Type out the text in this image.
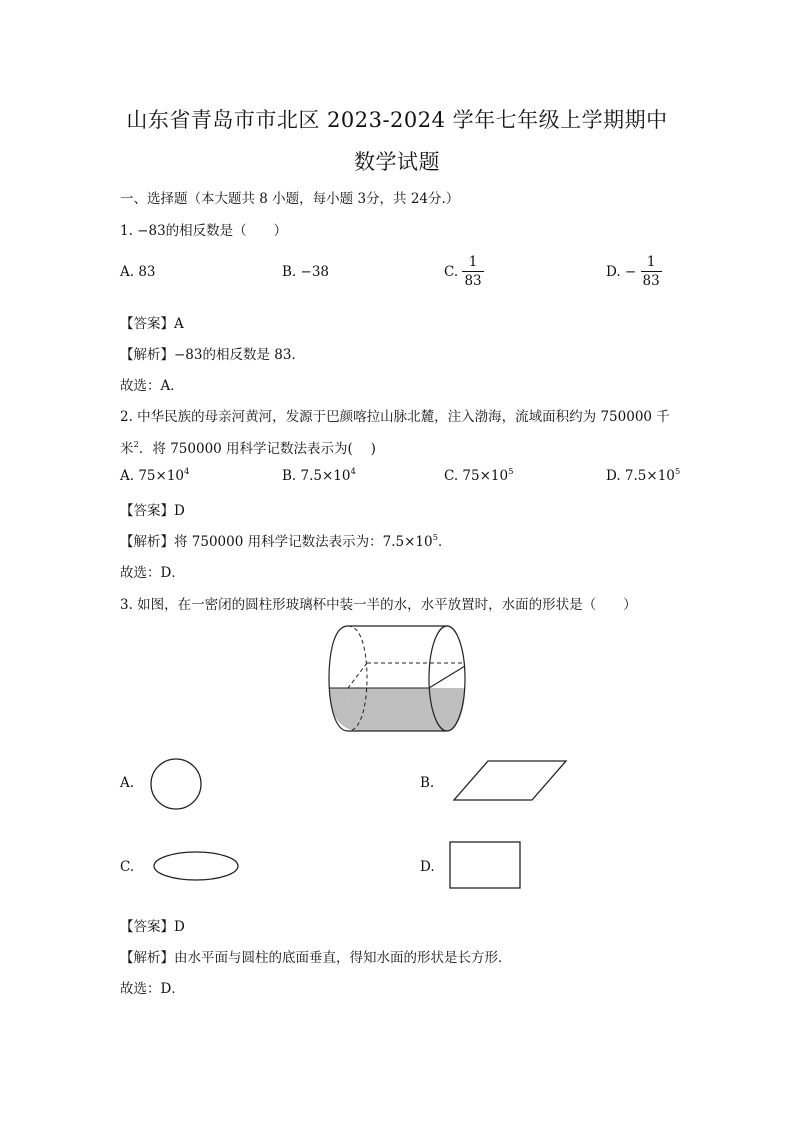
山东省青岛市市北区 2023-2024 学年七年级上学期期中
数学试题
一、选择题（本大题共 8 小题，每小题 3分，共 24分.）
1. −83的相反数是（　　）
A. 83	B. −38	C. $\frac{1}{83}$	D. − $\frac{1}{83}$
【答案】A
【解析】−83的相反数是 83．
故选：A．
2. 中华民族的母亲河黄河，发源于巴颜喀拉山脉北麓，注入渤海，流域面积约为 750000 千
米$^2$．将 750000 用科学记数法表示为(　 )
A. $75\times 10^4$	B. $7.5\times 10^4$	C. $75\times 10^5$	D. $7.5\times 10^5$
【答案】D
【解析】将 750000 用科学记数法表示为：$7.5\times 10^5$．
故选：D．
3. 如图，在一密闭的圆柱形玻璃杯中装一半的水，水平放置时，水面的形状是（　　）
A.	B.
C.	D.
【答案】D
【解析】由水平面与圆柱的底面垂直，得知水面的形状是长方形．
故选：D．
